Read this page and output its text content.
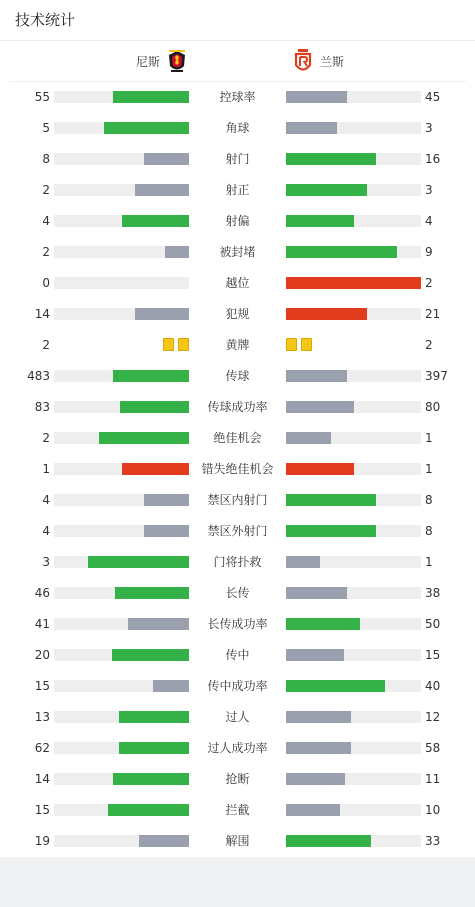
技术统计
尼斯	兰斯
55	控球率	45
5	角球	3
8	射门	16
2	射正	3
4	射偏	4
2	被封堵	9
0	越位	2
14	犯规	21
2	黄牌	2
483	传球	397
83	传球成功率	80
2	绝佳机会	1
1	错失绝佳机会	1
4	禁区内射门	8
4	禁区外射门	8
3	门将扑救	1
46	长传	38
41	长传成功率	50
20	传中	15
15	传中成功率	40
13	过人	12
62	过人成功率	58
14	抢断	11
15	拦截	10
19	解围	33
